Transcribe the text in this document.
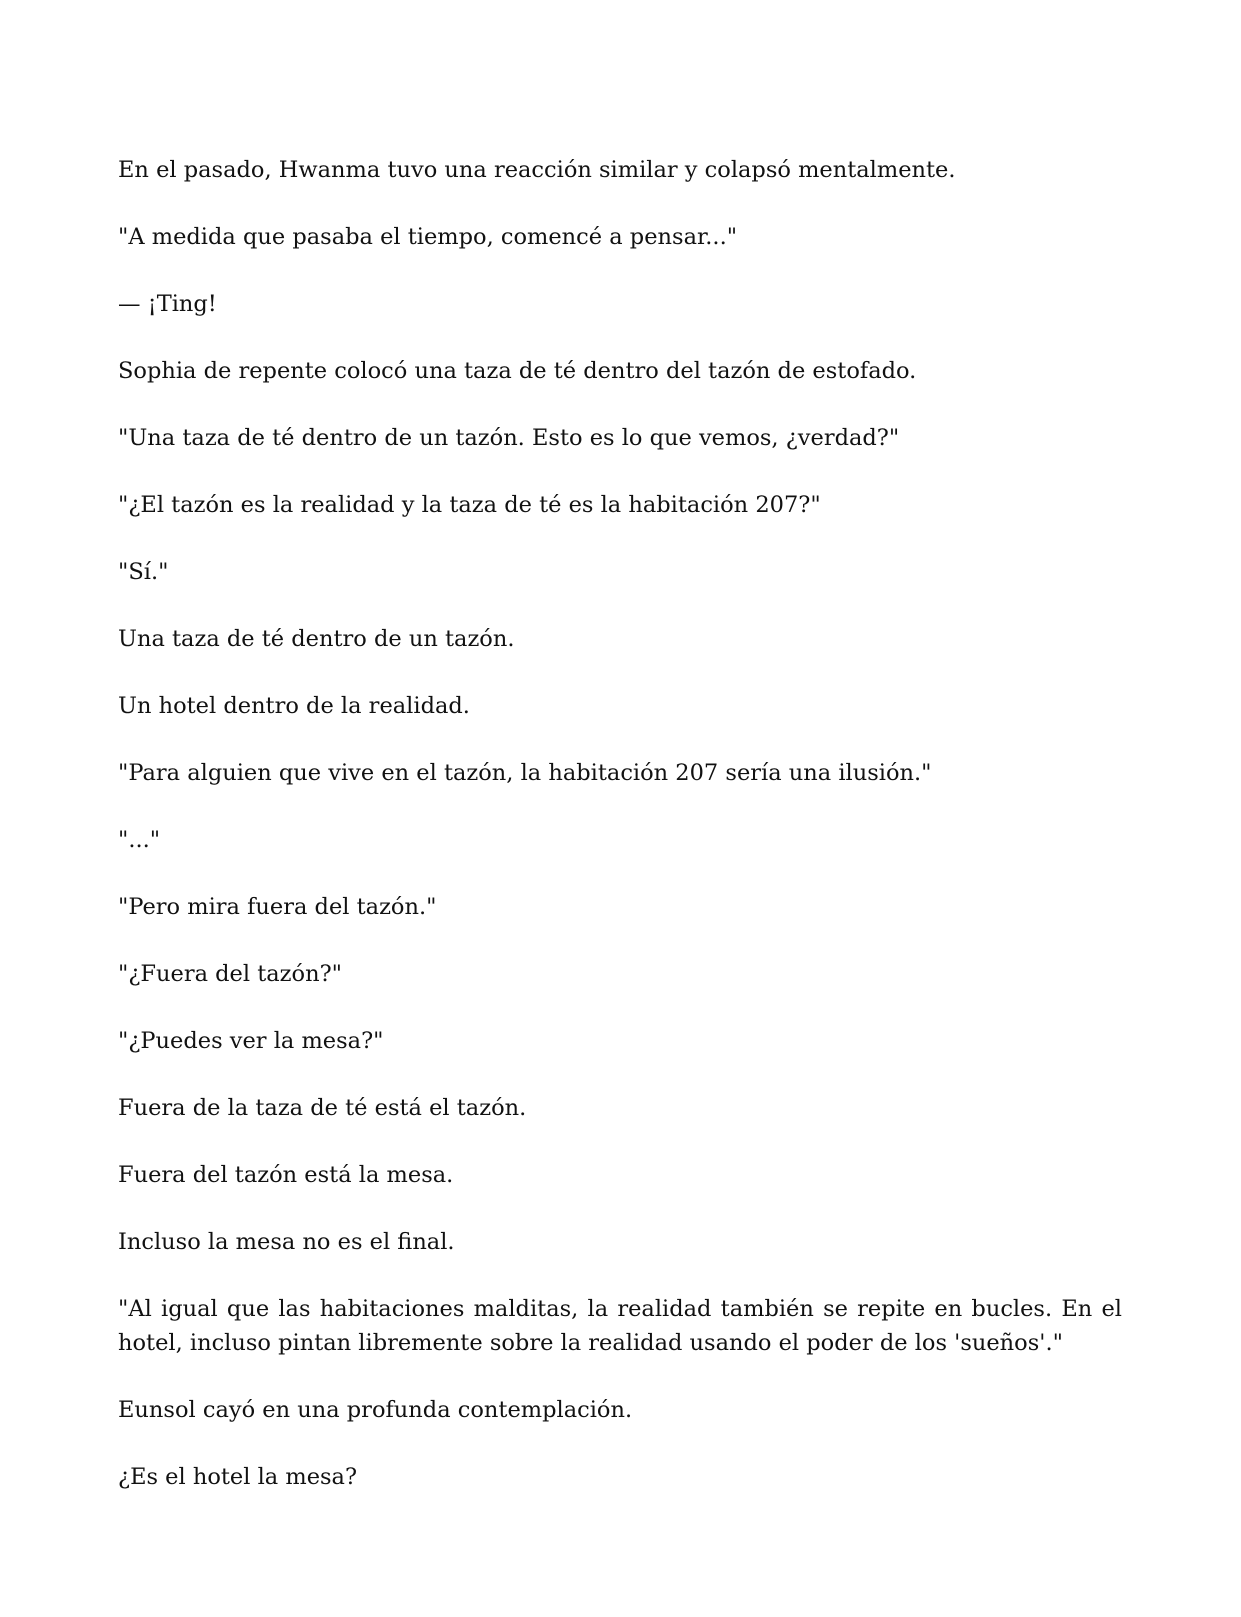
En el pasado, Hwanma tuvo una reacción similar y colapsó mentalmente.

"A medida que pasaba el tiempo, comencé a pensar..."

— ¡Ting!

Sophia de repente colocó una taza de té dentro del tazón de estofado.

"Una taza de té dentro de un tazón. Esto es lo que vemos, ¿verdad?"

"¿El tazón es la realidad y la taza de té es la habitación 207?"

"Sí."

Una taza de té dentro de un tazón.

Un hotel dentro de la realidad.

"Para alguien que vive en el tazón, la habitación 207 sería una ilusión."

"..."

"Pero mira fuera del tazón."

"¿Fuera del tazón?"

"¿Puedes ver la mesa?"

Fuera de la taza de té está el tazón.

Fuera del tazón está la mesa.

Incluso la mesa no es el final.

"Al igual que las habitaciones malditas, la realidad también se repite en bucles. En el hotel, incluso pintan libremente sobre la realidad usando el poder de los 'sueños'."

Eunsol cayó en una profunda contemplación.

¿Es el hotel la mesa?
